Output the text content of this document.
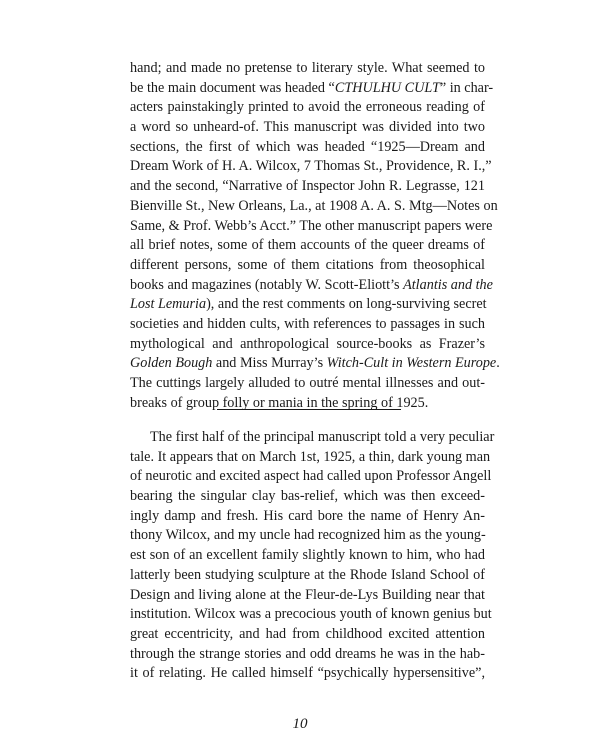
hand; and made no pretense to literary style. What seemed to
be the main document was headed “CTHULHU CULT” in char-
acters painstakingly printed to avoid the erroneous reading of
a word so unheard-of. This manuscript was divided into two
sections, the first of which was headed “1925—Dream and
Dream Work of H. A. Wilcox, 7 Thomas St., Providence, R. I.,”
and the second, “Narrative of Inspector John R. Legrasse, 121
Bienville St., New Orleans, La., at 1908 A. A. S. Mtg—Notes on
Same, & Prof. Webb’s Acct.” The other manuscript papers were
all brief notes, some of them accounts of the queer dreams of
different persons, some of them citations from theosophical
books and magazines (notably W. Scott-Eliott’s Atlantis and the
Lost Lemuria), and the rest comments on long-surviving secret
societies and hidden cults, with references to passages in such
mythological and anthropological source-books as Frazer’s
Golden Bough and Miss Murray’s Witch-Cult in Western Europe.
The cuttings largely alluded to outré mental illnesses and out-
breaks of group folly or mania in the spring of 1925.
The first half of the principal manuscript told a very peculiar
tale. It appears that on March 1st, 1925, a thin, dark young man
of neurotic and excited aspect had called upon Professor Angell
bearing the singular clay bas-relief, which was then exceed-
ingly damp and fresh. His card bore the name of Henry An-
thony Wilcox, and my uncle had recognized him as the young-
est son of an excellent family slightly known to him, who had
latterly been studying sculpture at the Rhode Island School of
Design and living alone at the Fleur-de-Lys Building near that
institution. Wilcox was a precocious youth of known genius but
great eccentricity, and had from childhood excited attention
through the strange stories and odd dreams he was in the hab-
it of relating. He called himself “psychically hypersensitive”,
10
